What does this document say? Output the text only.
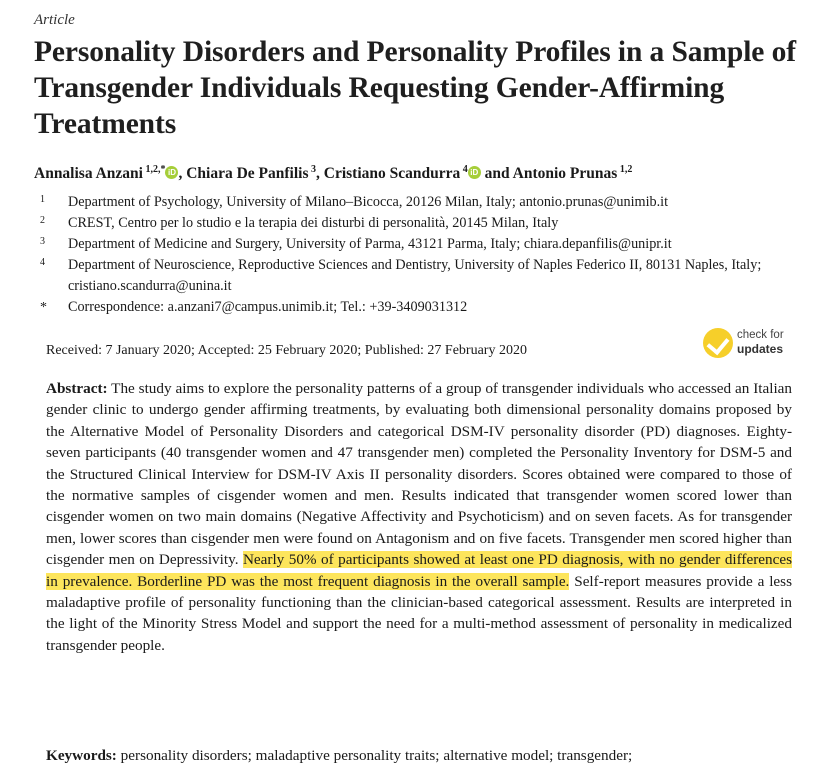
Article
Personality Disorders and Personality Profiles in a Sample of Transgender Individuals Requesting Gender-Affirming Treatments
Annalisa Anzani $^{1,2,*}$ iD , Chiara De Panfilis $^3$, Cristiano Scandurra $^4$ iD and Antonio Prunas $^{1,2}$
1 Department of Psychology, University of Milano–Bicocca, 20126 Milan, Italy; antonio.prunas@unimib.it
2 CREST, Centro per lo studio e la terapia dei disturbi di personalità, 20145 Milan, Italy
3 Department of Medicine and Surgery, University of Parma, 43121 Parma, Italy; chiara.depanfilis@unipr.it
4 Department of Neuroscience, Reproductive Sciences and Dentistry, University of Naples Federico II, 80131 Naples, Italy; cristiano.scandurra@unina.it
* Correspondence: a.anzani7@campus.unimib.it; Tel.: +39-3409031312
Received: 7 January 2020; Accepted: 25 February 2020; Published: 27 February 2020
check for
updates
Abstract: The study aims to explore the personality patterns of a group of transgender individuals who accessed an Italian gender clinic to undergo gender affirming treatments, by evaluating both dimensional personality domains proposed by the Alternative Model of Personality Disorders and categorical DSM-IV personality disorder (PD) diagnoses. Eighty-seven participants (40 transgender women and 47 transgender men) completed the Personality Inventory for DSM-5 and the Structured Clinical Interview for DSM-IV Axis II personality disorders. Scores obtained were compared to those of the normative samples of cisgender women and men. Results indicated that transgender women scored lower than cisgender women on two main domains (Negative Affectivity and Psychoticism) and on seven facets. As for transgender men, lower scores than cisgender men were found on Antagonism and on five facets. Transgender men scored higher than cisgender men on Depressivity. Nearly 50% of participants showed at least one PD diagnosis, with no gender differences in prevalence. Borderline PD was the most frequent diagnosis in the overall sample. Self-report measures provide a less maladaptive profile of personality functioning than the clinician-based categorical assessment. Results are interpreted in the light of the Minority Stress Model and support the need for a multi-method assessment of personality in medicalized transgender people.
Keywords: personality disorders; maladaptive personality traits; alternative model; transgender;
